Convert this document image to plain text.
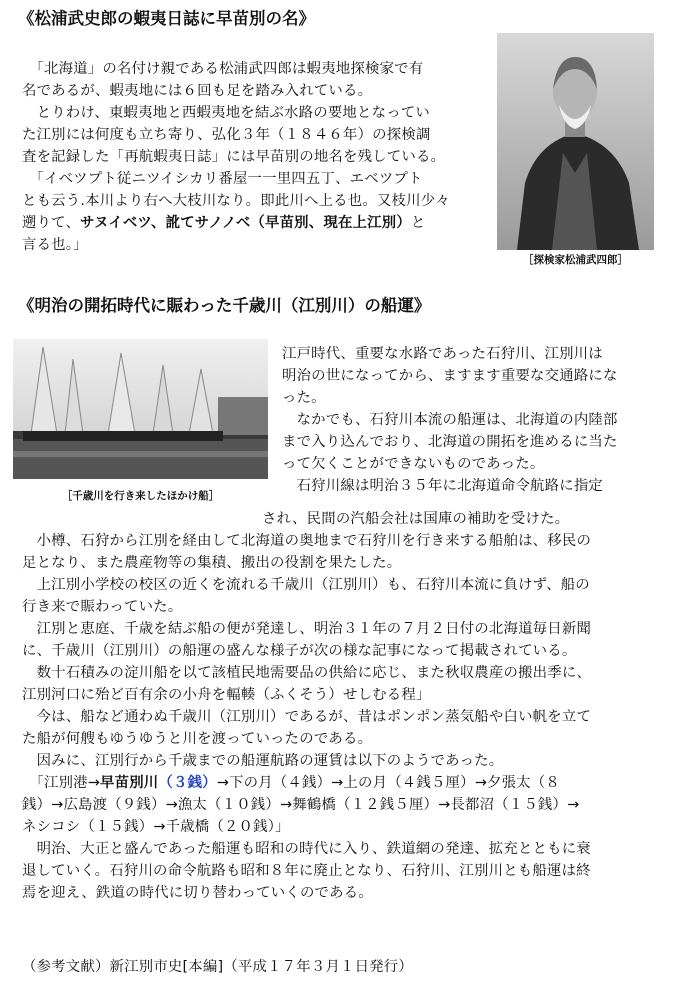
《松浦武史郎の蝦夷日誌に早苗別の名》

　「北海道」の名付け親である松浦武四郎は蝦夷地探検家で有

名であるが、蝦夷地には６回も足を踏み入れている。

　とりわけ、東蝦夷地と西蝦夷地を結ぶ水路の要地となってい

た江別には何度も立ち寄り、弘化３年（１８４６年）の探検調

査を記録した「再航蝦夷日誌」には早苗別の地名を残している。

　「イベツプト従ニツイシカリ番屋一一里四五丁、エベツプト

とも云う.本川より右へ大枝川なり。即此川へ上る也。又枝川少々

遡りて、サヌイベツ、訛てサノノベ（早苗別、現在上江別）と

言る也。」

［探検家松浦武四郎］
《明治の開拓時代に賑わった千歳川（江別川）の船運》
［千歳川を行き来したほかけ船］

江戸時代、重要な水路であった石狩川、江別川は

明治の世になってから、ますます重要な交通路にな

った。

　なかでも、石狩川本流の船運は、北海道の内陸部

まで入り込んでおり、北海道の開拓を進めるに当た

って欠くことができないものであった。

　石狩川線は明治３５年に北海道命令航路に指定

され、民間の汽船会社は国庫の補助を受けた。

　小樽、石狩から江別を経由して北海道の奥地まで石狩川を行き来する船舶は、移民の

足となり、また農産物等の集積、搬出の役割を果たした。

　上江別小学校の校区の近くを流れる千歳川（江別川）も、石狩川本流に負けず、船の

行き来で賑わっていた。

　江別と恵庭、千歳を結ぶ船の便が発達し、明治３１年の７月２日付の北海道毎日新聞

に、千歳川（江別川）の船運の盛んな様子が次の様な記事になって掲載されている。

　数十石積みの淀川船を以て該植民地需要品の供給に応じ、また秋収農産の搬出季に、

江別河口に殆ど百有余の小舟を輻輳（ふくそう）せしむる程」

　今は、船など通わぬ千歳川（江別川）であるが、昔はポンポン蒸気船や白い帆を立て

た船が何艘もゆうゆうと川を渡っていったのである。

　因みに、江別行から千歳までの船運航路の運賃は以下のようであった。

　「江別港→早苗別川（３銭）→下の月（４銭）→上の月（４銭５厘）→夕張太（８

銭）→広島渡（９銭）→漁太（１０銭）→舞鶴橋（１２銭５厘）→長都沼（１５銭）→

ネシコシ（１５銭）→千歳橋（２０銭）」

　明治、大正と盛んであった船運も昭和の時代に入り、鉄道網の発達、拡充とともに衰

退していく。石狩川の命令航路も昭和８年に廃止となり、石狩川、江別川とも船運は終

焉を迎え、鉄道の時代に切り替わっていくのである。

（参考文献）新江別市史[本編]（平成１７年３月１日発行）
